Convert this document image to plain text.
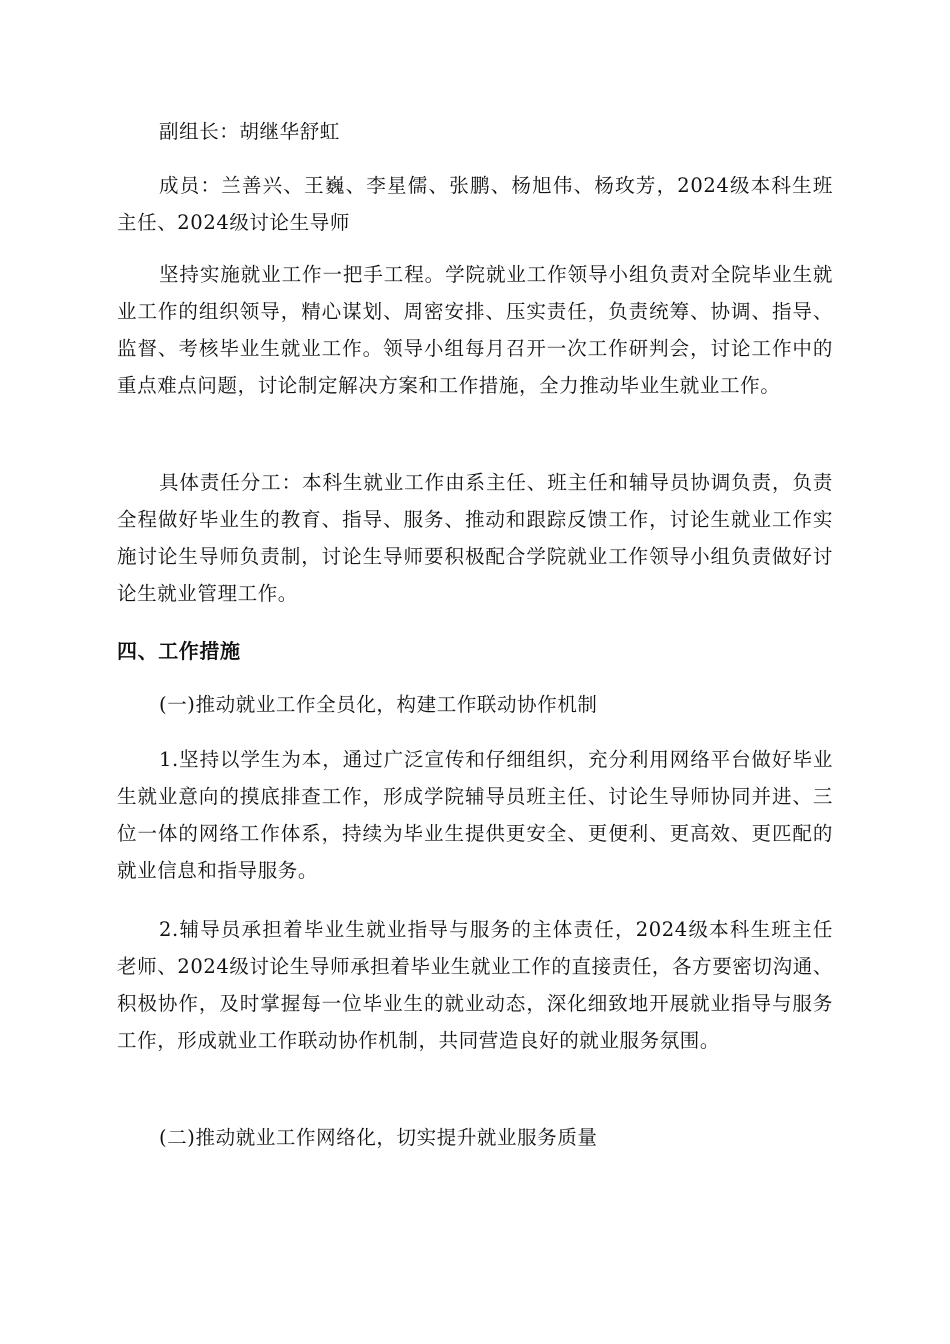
副组长：胡继华舒虹

成员：兰善兴、王巍、李星儒、张鹏、杨旭伟、杨玫芳，2024级本科生班主任、2024级讨论生导师

坚持实施就业工作一把手工程。学院就业工作领导小组负责对全院毕业生就业工作的组织领导，精心谋划、周密安排、压实责任，负责统筹、协调、指导、监督、考核毕业生就业工作。领导小组每月召开一次工作研判会，讨论工作中的重点难点问题，讨论制定解决方案和工作措施，全力推动毕业生就业工作。

具体责任分工：本科生就业工作由系主任、班主任和辅导员协调负责，负责全程做好毕业生的教育、指导、服务、推动和跟踪反馈工作，讨论生就业工作实施讨论生导师负责制，讨论生导师要积极配合学院就业工作领导小组负责做好讨论生就业管理工作。

四、工作措施

(一)推动就业工作全员化，构建工作联动协作机制

1.坚持以学生为本，通过广泛宣传和仔细组织，充分利用网络平台做好毕业生就业意向的摸底排查工作，形成学院辅导员班主任、讨论生导师协同并进、三位一体的网络工作体系，持续为毕业生提供更安全、更便利、更高效、更匹配的就业信息和指导服务。

2.辅导员承担着毕业生就业指导与服务的主体责任，2024级本科生班主任老师、2024级讨论生导师承担着毕业生就业工作的直接责任，各方要密切沟通、积极协作，及时掌握每一位毕业生的就业动态，深化细致地开展就业指导与服务工作，形成就业工作联动协作机制，共同营造良好的就业服务氛围。

(二)推动就业工作网络化，切实提升就业服务质量
